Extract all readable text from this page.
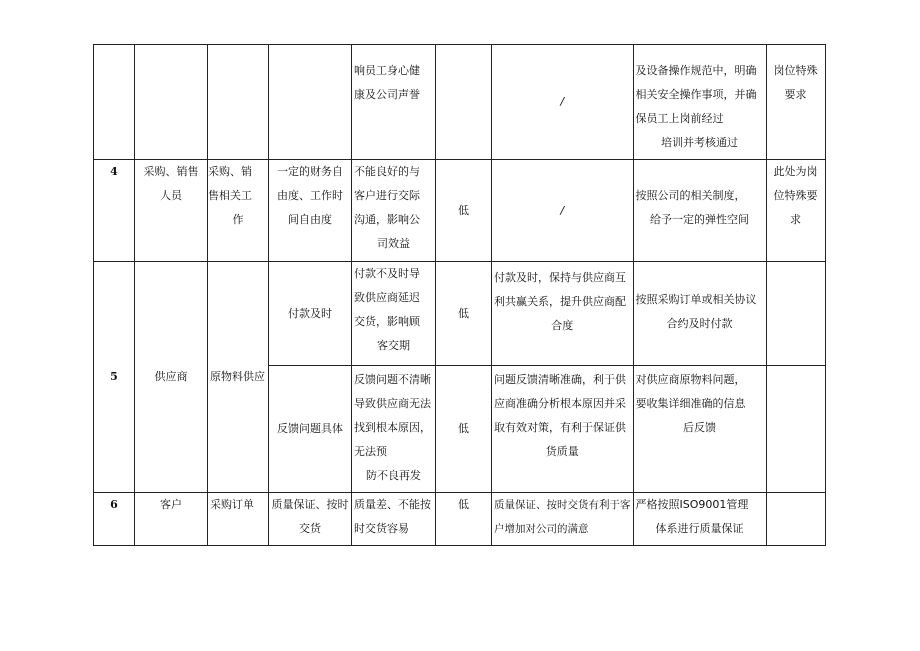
				响员工身心健
康及公司声誉		/	及设备操作规范中，明确
相关安全操作事项，并确
保员工上岗前经过
培训并考核通过	岗位特殊
要求

4	采购、销售
人员	采购、销
售相关工
作	一定的财务自
由度、工作时
间自由度	不能良好的与
客户进行交际
沟通，影响公
司效益	低	/	按照公司的相关制度，
给予一定的弹性空间	此处为岗
位特殊要
求

5	供应商	原物料供应	付款及时	付款不及时导
致供应商延迟
交货，影响顾
客交期	低	付款及时，保持与供应商互
利共赢关系，提升供应商配
合度	按照采购订单或相关协议
合约及时付款	

			反馈问题具体	反馈问题不清晰
导致供应商无法
找到根本原因，
无法预
防不良再发	低	问题反馈清晰准确，利于供
应商准确分析根本原因并采
取有效对策，有利于保证供
货质量	对供应商原物料问题，
要收集详细准确的信息
后反馈	

6	客户	采购订单	质量保证、按时
交货	质量差、不能按
时交货容易	低	质量保证、按时交货有利于客
户增加对公司的满意	严格按照ISO9001管理
体系进行质量保证	
